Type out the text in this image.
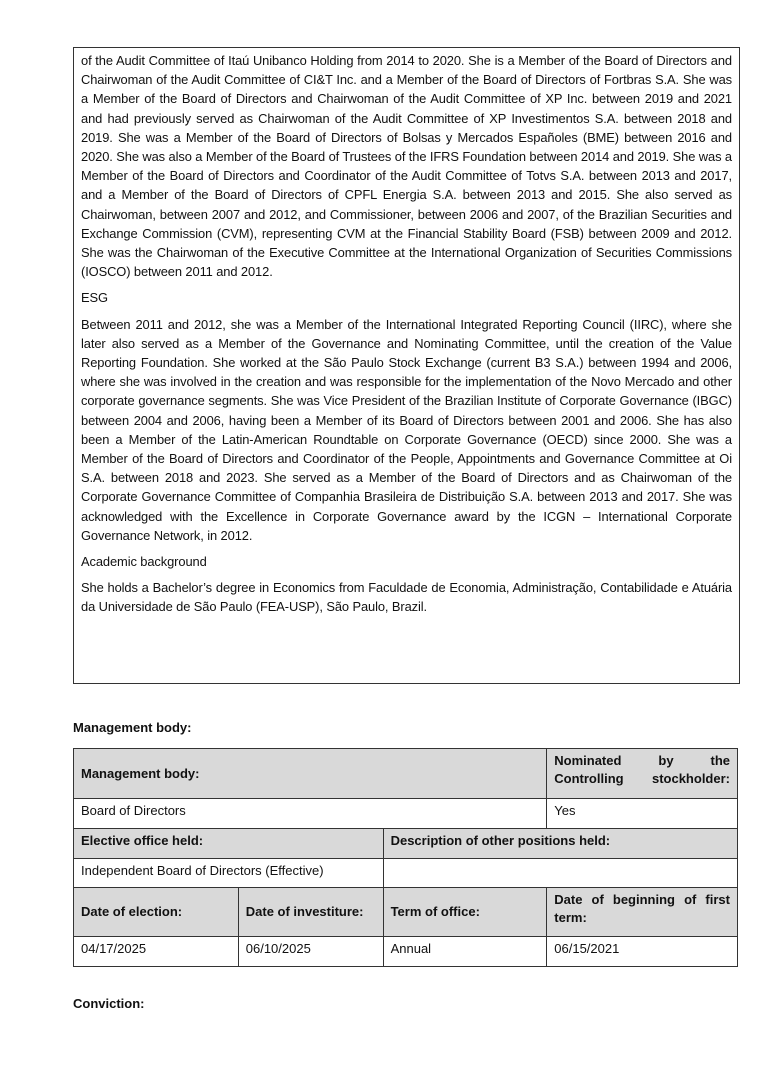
of the Audit Committee of Itaú Unibanco Holding from 2014 to 2020. She is a Member of the Board of Directors and Chairwoman of the Audit Committee of CI&T Inc. and a Member of the Board of Directors of Fortbras S.A. She was a Member of the Board of Directors and Chairwoman of the Audit Committee of XP Inc. between 2019 and 2021 and had previously served as Chairwoman of the Audit Committee of XP Investimentos S.A. between 2018 and 2019. She was a Member of the Board of Directors of Bolsas y Mercados Españoles (BME) between 2016 and 2020. She was also a Member of the Board of Trustees of the IFRS Foundation between 2014 and 2019. She was a Member of the Board of Directors and Coordinator of the Audit Committee of Totvs S.A. between 2013 and 2017, and a Member of the Board of Directors of CPFL Energia S.A. between 2013 and 2015. She also served as Chairwoman, between 2007 and 2012, and Commissioner, between 2006 and 2007, of the Brazilian Securities and Exchange Commission (CVM), representing CVM at the Financial Stability Board (FSB) between 2009 and 2012. She was the Chairwoman of the Executive Committee at the International Organization of Securities Commissions (IOSCO) between 2011 and 2012.

ESG

Between 2011 and 2012, she was a Member of the International Integrated Reporting Council (IIRC), where she later also served as a Member of the Governance and Nominating Committee, until the creation of the Value Reporting Foundation. She worked at the São Paulo Stock Exchange (current B3 S.A.) between 1994 and 2006, where she was involved in the creation and was responsible for the implementation of the Novo Mercado and other corporate governance segments. She was Vice President of the Brazilian Institute of Corporate Governance (IBGC) between 2004 and 2006, having been a Member of its Board of Directors between 2001 and 2006. She has also been a Member of the Latin-American Roundtable on Corporate Governance (OECD) since 2000. She was a Member of the Board of Directors and Coordinator of the People, Appointments and Governance Committee at Oi S.A. between 2018 and 2023. She served as a Member of the Board of Directors and as Chairwoman of the Corporate Governance Committee of Companhia Brasileira de Distribuição S.A. between 2013 and 2017. She was acknowledged with the Excellence in Corporate Governance award by the ICGN – International Corporate Governance Network, in 2012.

Academic background

She holds a Bachelor’s degree in Economics from Faculdade de Economia, Administração, Contabilidade e Atuária da Universidade de São Paulo (FEA-USP), São Paulo, Brazil.

Management body:
Management body:			Nominated by the Controlling stockholder:

Board of Directors			Yes
Elective office held:		Description of other positions held:	
Independent Board of Directors (Effective)			
Date of election:	Date of investiture:	Term of office:	Date of beginning of first term:
04/17/2025	06/10/2025	Annual	06/15/2021
Conviction:
